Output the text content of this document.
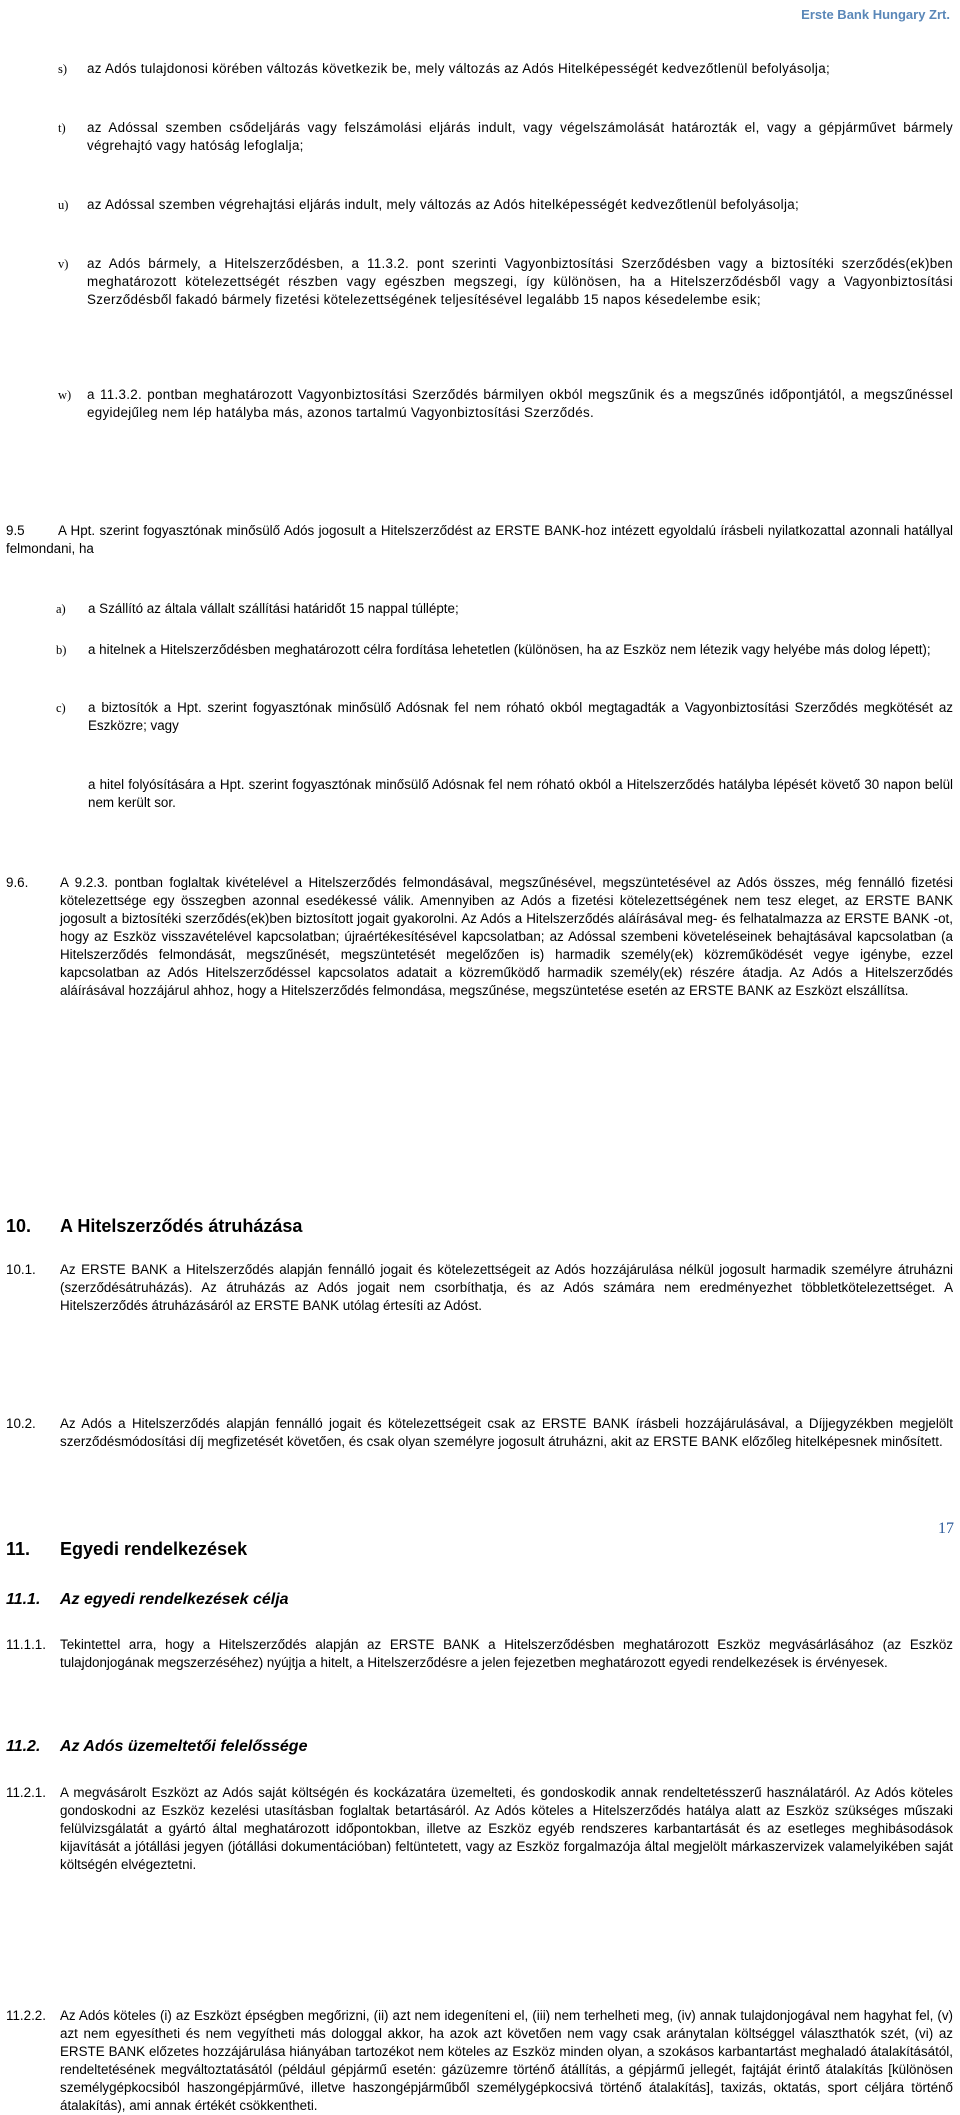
Erste Bank Hungary Zrt.
s) az Adós tulajdonosi körében változás következik be, mely változás az Adós Hitelképességét kedvezőtlenül befolyásolja;
t) az Adóssal szemben csődeljárás vagy felszámolási eljárás indult, vagy végelszámolását határozták el, vagy a gépjárművet bármely végrehajtó vagy hatóság lefoglalja;
u) az Adóssal szemben végrehajtási eljárás indult, mely változás az Adós hitelképességét kedvezőtlenül befolyásolja;
v) az Adós bármely, a Hitelszerződésben, a 11.3.2. pont szerinti Vagyonbiztosítási Szerződésben vagy a biztosítéki szerződés(ek)ben meghatározott kötelezettségét részben vagy egészben megszegi, így különösen, ha a Hitelszerződésből vagy a Vagyonbiztosítási Szerződésből fakadó bármely fizetési kötelezettségének teljesítésével legalább 15 napos késedelembe esik;
w) a 11.3.2. pontban meghatározott Vagyonbiztosítási Szerződés bármilyen okból megszűnik és a megszűnés időpontjától, a megszűnéssel egyidejűleg nem lép hatályba más, azonos tartalmú Vagyonbiztosítási Szerződés.
9.5	A Hpt. szerint fogyasztónak minősülő Adós jogosult a Hitelszerződést az ERSTE BANK-hoz intézett egyoldalú írásbeli nyilatkozattal azonnali hatállyal felmondani, ha
a) a Szállító az általa vállalt szállítási határidőt 15 nappal túllépte;
b) a hitelnek a Hitelszerződésben meghatározott célra fordítása lehetetlen (különösen, ha az Eszköz nem létezik vagy helyébe más dolog lépett);
c) a biztosítók a Hpt. szerint fogyasztónak minősülő Adósnak fel nem róható okból megtagadták a Vagyonbiztosítási Szerződés megkötését az Eszközre; vagy
a hitel folyósítására a Hpt. szerint fogyasztónak minősülő Adósnak fel nem róható okból a Hitelszerződés hatályba lépését követő 30 napon belül nem került sor.
9.6. A 9.2.3. pontban foglaltak kivételével a Hitelszerződés felmondásával, megszűnésével, megszüntetésével az Adós összes, még fennálló fizetési kötelezettsége egy összegben azonnal esedékessé válik. Amennyiben az Adós a fizetési kötelezettségének nem tesz eleget, az ERSTE BANK jogosult a biztosítéki szerződés(ek)ben biztosított jogait gyakorolni. Az Adós a Hitelszerződés aláírásával meg- és felhatalmazza az ERSTE BANK -ot, hogy az Eszköz visszavételével kapcsolatban; újraértékesítésével kapcsolatban; az Adóssal szembeni követeléseinek behajtásával kapcsolatban (a Hitelszerződés felmondását, megszűnését, megszüntetését megelőzően is) harmadik személy(ek) közreműködését vegye igénybe, ezzel kapcsolatban az Adós Hitelszerződéssel kapcsolatos adatait a közreműködő harmadik személy(ek) részére átadja. Az Adós a Hitelszerződés aláírásával hozzájárul ahhoz, hogy a Hitelszerződés felmondása, megszűnése, megszüntetése esetén az ERSTE BANK az Eszközt elszállítsa.
10. A Hitelszerződés átruházása
10.1. Az ERSTE BANK a Hitelszerződés alapján fennálló jogait és kötelezettségeit az Adós hozzájárulása nélkül jogosult harmadik személyre átruházni (szerződésátruházás). Az átruházás az Adós jogait nem csorbíthatja, és az Adós számára nem eredményezhet többletkötelezettséget. A Hitelszerződés átruházásáról az ERSTE BANK utólag értesíti az Adóst.
10.2. Az Adós a Hitelszerződés alapján fennálló jogait és kötelezettségeit csak az ERSTE BANK írásbeli hozzájárulásával, a Díjjegyzékben megjelölt szerződésmódosítási díj megfizetését követően, és csak olyan személyre jogosult átruházni, akit az ERSTE BANK előzőleg hitelképesnek minősített.
11. Egyedi rendelkezések
11.1. Az egyedi rendelkezések célja
11.1.1. Tekintettel arra, hogy a Hitelszerződés alapján az ERSTE BANK a Hitelszerződésben meghatározott Eszköz megvásárlásához (az Eszköz tulajdonjogának megszerzéséhez) nyújtja a hitelt, a Hitelszerződésre a jelen fejezetben meghatározott egyedi rendelkezések is érvényesek.
11.2. Az Adós üzemeltetői felelőssége
11.2.1. A megvásárolt Eszközt az Adós saját költségén és kockázatára üzemelteti, és gondoskodik annak rendeltetésszerű használatáról. Az Adós köteles gondoskodni az Eszköz kezelési utasításban foglaltak betartásáról. Az Adós köteles a Hitelszerződés hatálya alatt az Eszköz szükséges műszaki felülvizsgálatát a gyártó által meghatározott időpontokban, illetve az Eszköz egyéb rendszeres karbantartását és az esetleges meghibásodások kijavítását a jótállási jegyen (jótállási dokumentációban) feltüntetett, vagy az Eszköz forgalmazója által megjelölt márkaszervizek valamelyikében saját költségén elvégeztetni.
11.2.2. Az Adós köteles (i) az Eszközt épségben megőrizni, (ii) azt nem idegeníteni el, (iii) nem terhelheti meg, (iv) annak tulajdonjogával nem hagyhat fel, (v) azt nem egyesítheti és nem vegyítheti más dologgal akkor, ha azok azt követően nem vagy csak aránytalan költséggel választhatók szét, (vi) az ERSTE BANK előzetes hozzájárulása hiányában tartozékot nem köteles az Eszköz minden olyan, a szokásos karbantartást meghaladó átalakításától, rendeltetésének megváltoztatásától (például gépjármű esetén: gázüzemre történő átállítás, a gépjármű jellegét, fajtáját érintő átalakítás [különösen személygépkocsiból haszongépjárművé, illetve haszongépjárműből személygépkocsivá történő átalakítás], taxizás, oktatás, sport céljára történő átalakítás), ami annak értékét csökkentheti.
17
